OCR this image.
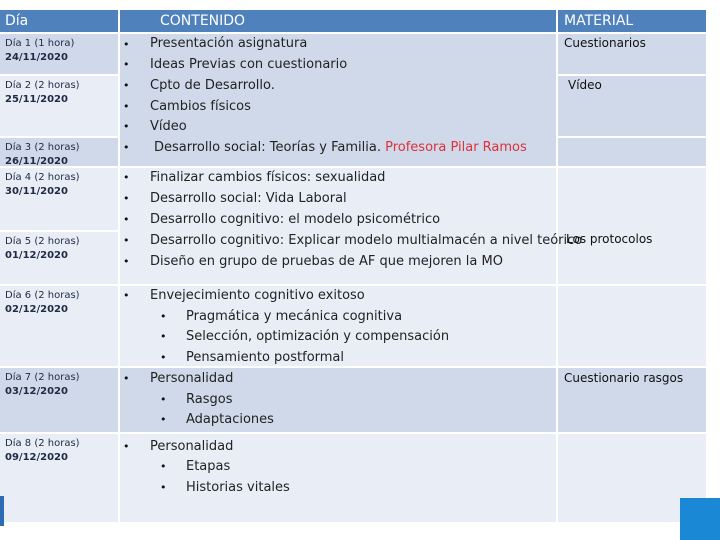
Día	CONTENIDO	MATERIAL
Día 1 (1 hora)
24/11/2020
Día 2 (2 horas)
25/11/2020
Día 3 (2 horas)
26/11/2020
Día 4 (2 horas)
30/11/2020
Día 5 (2 horas)
01/12/2020
Día 6 (2 horas)
02/12/2020
Día 7 (2 horas)
03/12/2020
Día 8 (2 horas)
09/12/2020
• Presentación asignatura
• Ideas Previas con cuestionario
• Cpto de Desarrollo.
• Cambios físicos
• Vídeo
• Desarrollo social: Teorías y Familia. Profesora Pilar Ramos
• Finalizar cambios físicos: sexualidad
• Desarrollo social: Vida Laboral
• Desarrollo cognitivo: el modelo psicométrico
• Desarrollo cognitivo: Explicar modelo multialmacén a nivel teórico
• Diseño en grupo de pruebas de AF que mejoren la MO
• Envejecimiento cognitivo exitoso
• Pragmática y mecánica cognitiva
• Selección, optimización y compensación
• Pensamiento postformal
• Personalidad
• Rasgos
• Adaptaciones
• Personalidad
• Etapas
• Historias vitales
Cuestionarios
Vídeo
Los protocolos
Cuestionario rasgos
